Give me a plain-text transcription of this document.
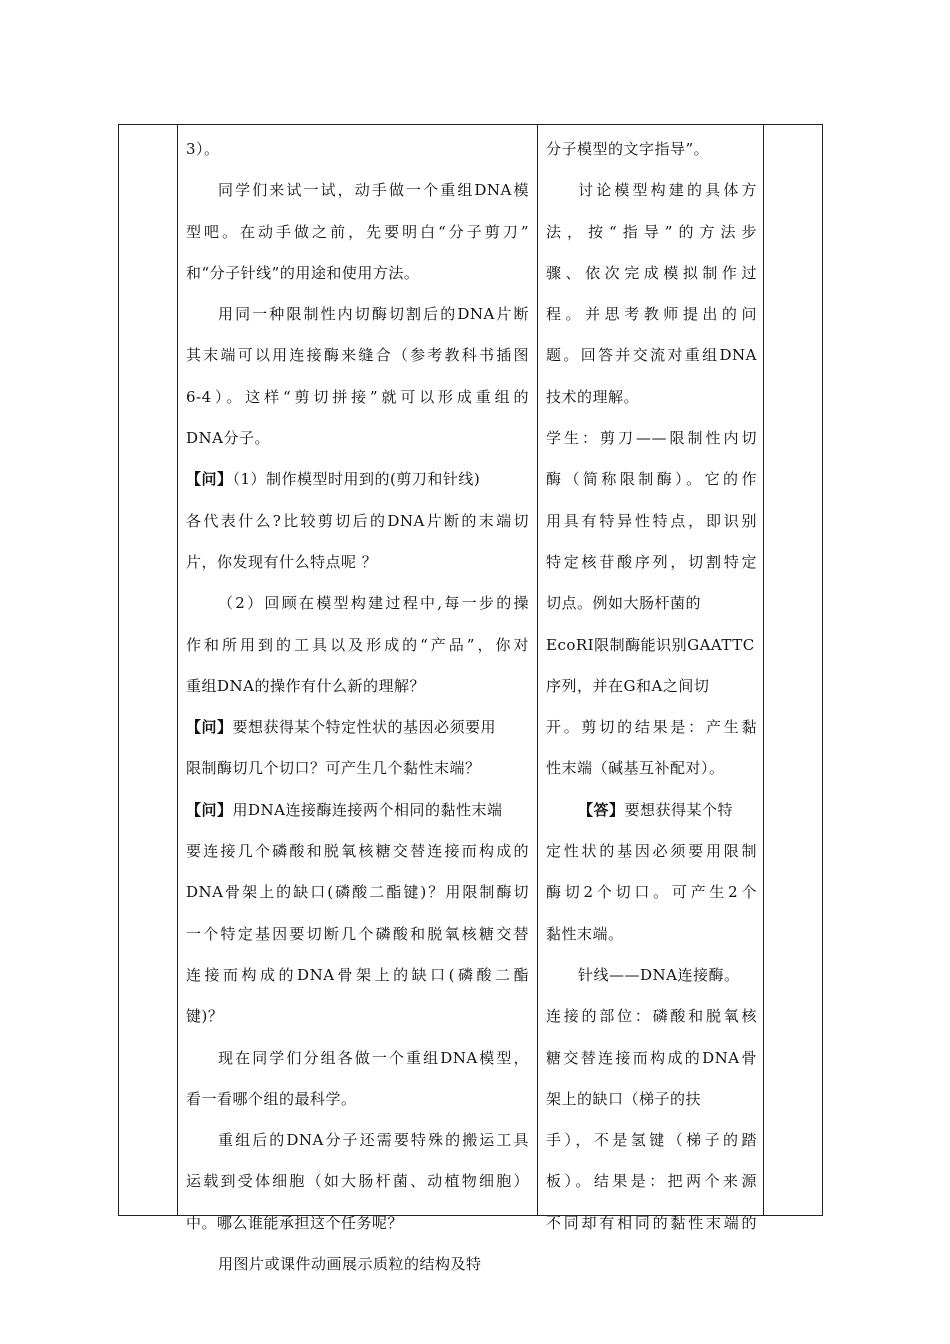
3）。
同学们来试一试，动手做一个重组DNA模
型吧。在动手做之前，先要明白“分子剪刀”
和“分子针线”的用途和使用方法。
用同一种限制性内切酶切割后的DNA片断
其末端可以用连接酶来缝合（参考教科书插图
6-4）。这样“剪切拼接”就可以形成重组的
DNA分子。
【问】（1）制作模型时用到的(剪刀和针线)
各代表什么?比较剪切后的DNA片断的末端切
片，你发现有什么特点呢 ？
（2）回顾在模型构建过程中,每一步的操
作和所用到的工具以及形成的“产品”，你对
重组DNA的操作有什么新的理解？
【问】要想获得某个特定性状的基因必须要用
限制酶切几个切口？可产生几个黏性末端？
【问】用DNA连接酶连接两个相同的黏性末端
要连接几个磷酸和脱氧核糖交替连接而构成的
DNA骨架上的缺口(磷酸二酯键)？用限制酶切
一个特定基因要切断几个磷酸和脱氧核糖交替
连接而构成的DNA骨架上的缺口(磷酸二酯
键)？
现在同学们分组各做一个重组DNA模型，
看一看哪个组的最科学。
重组后的DNA分子还需要特殊的搬运工具
运载到受体细胞（如大肠杆菌、动植物细胞）
中。哪么谁能承担这个任务呢？
用图片或课件动画展示质粒的结构及特
分子模型的文字指导”。
讨论模型构建的具体方
法，按“指导”的方法步
骤、依次完成模拟制作过
程。并思考教师提出的问
题。回答并交流对重组DNA
技术的理解。
学生：剪刀——限制性内切
酶（简称限制酶）。它的作
用具有特异性特点，即识别
特定核苷酸序列，切割特定
切点。例如大肠杆菌的
EcoRI限制酶能识别GAATTC
序列，并在G和A之间切
开。剪切的结果是：产生黏
性末端（碱基互补配对）。
【答】要想获得某个特
定性状的基因必须要用限制
酶切2个切口。可产生2个
黏性末端。
针线——DNA连接酶。
连接的部位：磷酸和脱氧核
糖交替连接而构成的DNA骨
架上的缺口（梯子的扶
手），不是氢键（梯子的踏
板）。结果是：把两个来源
不同却有相同的黏性末端的
